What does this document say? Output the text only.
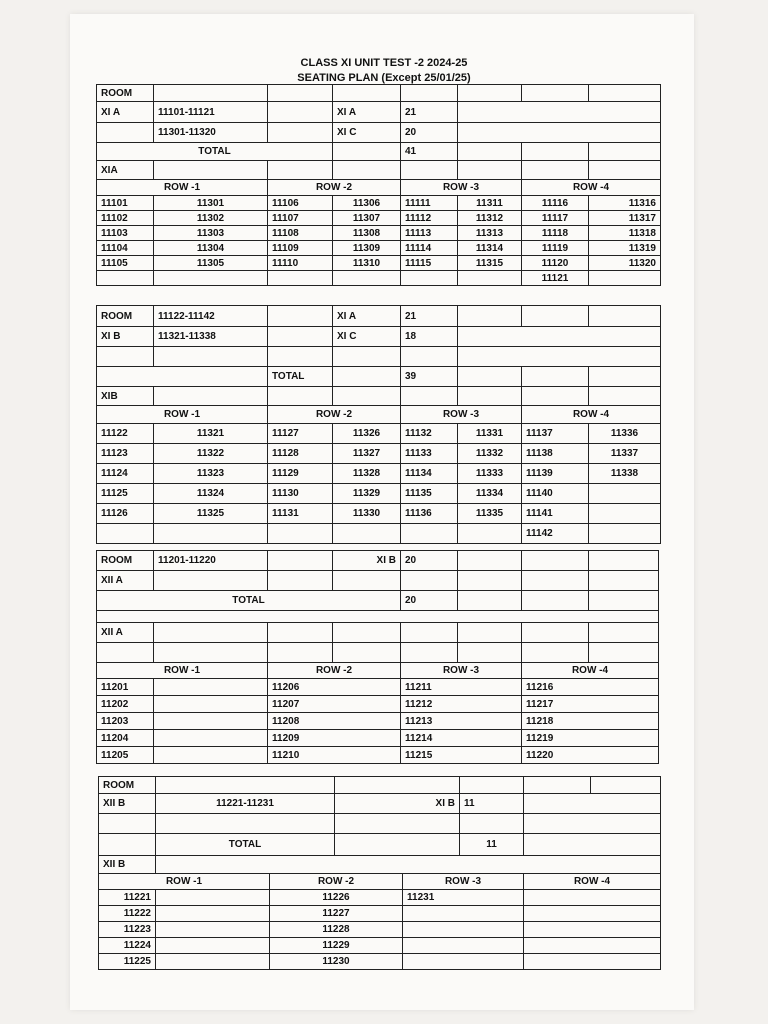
CLASS XI UNIT TEST -2 2024-25
SEATING PLAN (Except 25/01/25)
ROOM							
XI A	11101-11121		XI A	21			
	11301-11320		XI C	20			
TOTAL				41			
XIA							
ROW -1		ROW -2		ROW -3		ROW -4	
11101	11301	11106	11306	11111	11311	11116	11316
11102	11302	11107	11307	11112	11312	11117	11317
11103	11303	11108	11308	11113	11313	11118	11318
11104	11304	11109	11309	11114	11314	11119	11319
11105	11305	11110	11310	11115	11315	11120	11320
						11121	
ROOM	11122-11142		XI A	21			
XI B	11321-11338		XI C	18			

		TOTAL		39			
XIB							
ROW -1		ROW -2		ROW -3		ROW -4	
11122	11321	11127	11326	11132	11331	11137	11336
11123	11322	11128	11327	11133	11332	11138	11337
11124	11323	11129	11328	11134	11333	11139	11338
11125	11324	11130	11329	11135	11334	11140	
11126	11325	11131	11330	11136	11335	11141	
						11142	
ROOM	11201-11220		XI B	20			
XII A							
TOTAL				20			

XII A							

ROW -1		ROW -2		ROW -3		ROW -4	
11201		11206		11211		11216	
11202		11207		11212		11217	
11203		11208		11213		11218	
11204		11209		11214		11219	
11205		11210		11215		11220	
ROOM							
XII B	11221-11231		XI B		11		

	TOTAL				11		
XII B							
ROW -1		ROW -2		ROW -3		ROW -4	
11221		11226		11231			
11222		11227					
11223		11228					
11224		11229					
11225		11230					
